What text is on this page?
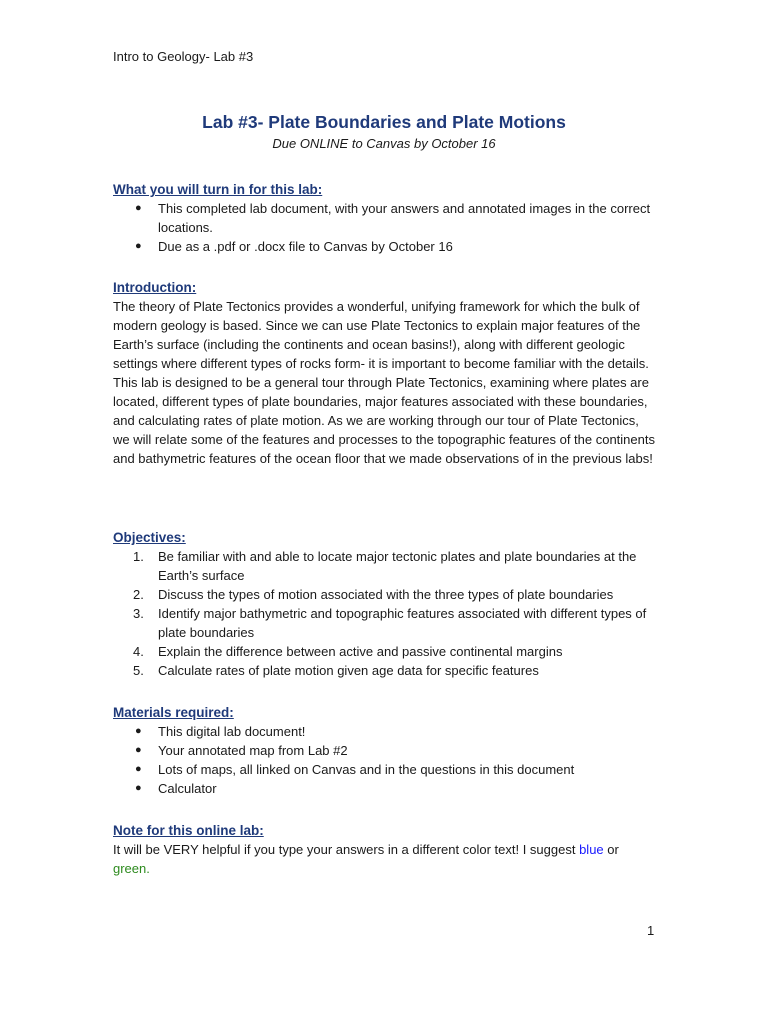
Intro to Geology- Lab #3
Lab #3- Plate Boundaries and Plate Motions
Due ONLINE to Canvas by October 16
What you will turn in for this lab:
● This completed lab document, with your answers and annotated images in the correct locations.
● Due as a .pdf or .docx file to Canvas by October 16
Introduction:

The theory of Plate Tectonics provides a wonderful, unifying framework for which the bulk of modern geology is based. Since we can use Plate Tectonics to explain major features of the Earth’s surface (including the continents and ocean basins!), along with different geologic settings where different types of rocks form- it is important to become familiar with the details.

This lab is designed to be a general tour through Plate Tectonics, examining where plates are located, different types of plate boundaries, major features associated with these boundaries, and calculating rates of plate motion. As we are working through our tour of Plate Tectonics, we will relate some of the features and processes to the topographic features of the continents and bathymetric features of the ocean floor that we made observations of in the previous labs!

Objectives:
1. Be familiar with and able to locate major tectonic plates and plate boundaries at the Earth’s surface
2. Discuss the types of motion associated with the three types of plate boundaries
3. Identify major bathymetric and topographic features associated with different types of plate boundaries
4. Explain the difference between active and passive continental margins
5. Calculate rates of plate motion given age data for specific features
Materials required:
● This digital lab document!
● Your annotated map from Lab #2
● Lots of maps, all linked on Canvas and in the questions in this document
● Calculator
Note for this online lab:

It will be VERY helpful if you type your answers in a different color text! I suggest blue or
green.

1
